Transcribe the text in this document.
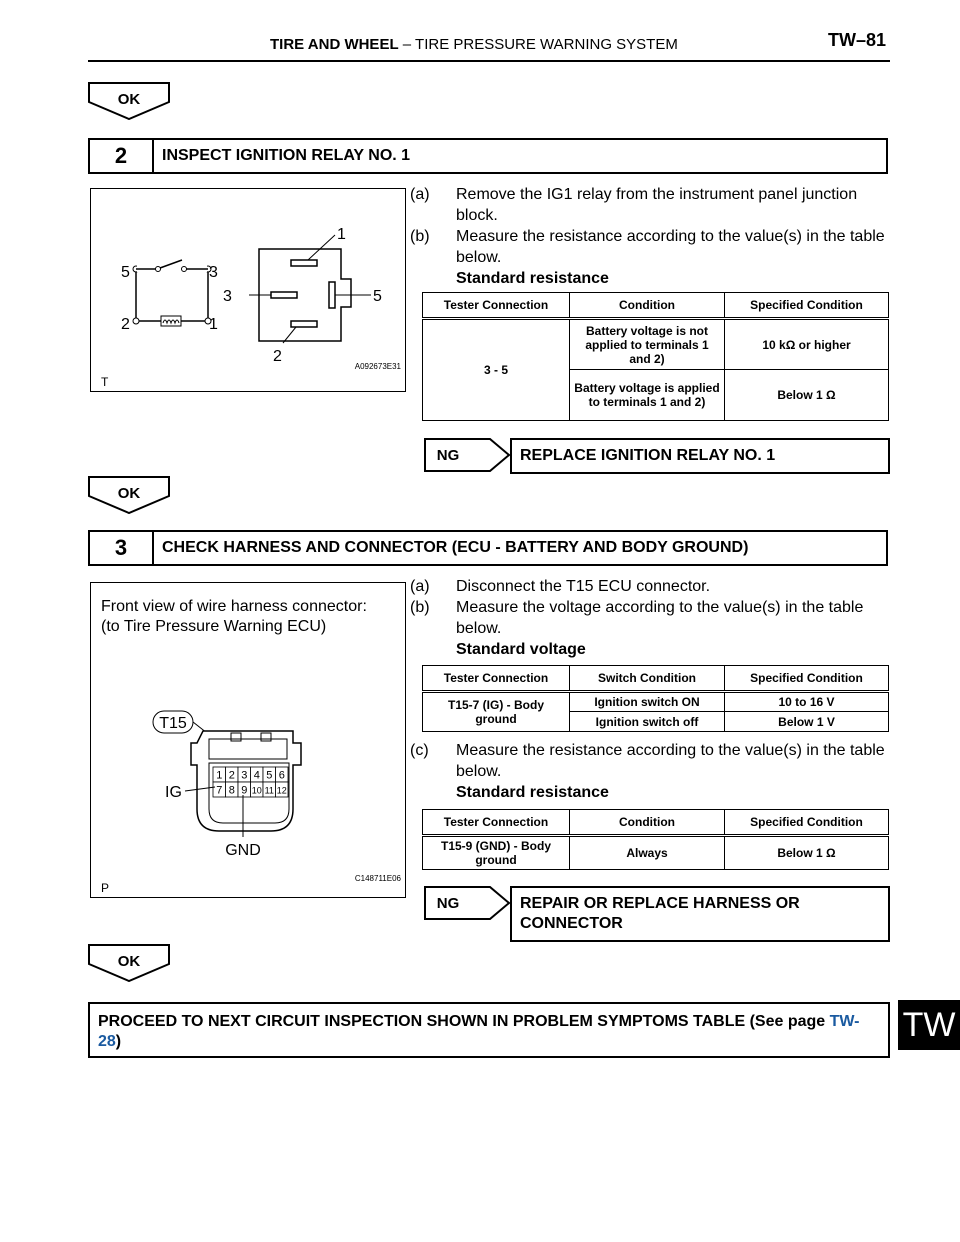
TIRE AND WHEEL – TIRE PRESSURE WARNING SYSTEM	TW–81
TW
OK
2	INSPECT IGNITION RELAY NO. 1
5	3
2	1
1
3	5
2
T
A092673E31
(a)	Remove the IG1 relay from the instrument panel junction block.
(b)	Measure the resistance according to the value(s) in the table below.
Standard resistance
Tester Connection	Condition	Specified Condition
3 - 5	Battery voltage is not applied to terminals 1 and 2)	10 kΩ or higher
	Battery voltage is applied to terminals 1 and 2)	Below 1 Ω
NG	REPLACE IGNITION RELAY NO. 1
OK
3	CHECK HARNESS AND CONNECTOR (ECU - BATTERY AND BODY GROUND)
Front view of wire harness connector:
(to Tire Pressure Warning ECU)
T15
1 2 3 4 5 6
7 8 9 10 11 12
IG
GND
P
C148711E06
(a)	Disconnect the T15 ECU connector.
(b)	Measure the voltage according to the value(s) in the table below.
Standard voltage
Tester Connection	Switch Condition	Specified Condition
T15-7 (IG) - Body ground	Ignition switch ON	10 to 16 V
	Ignition switch off	Below 1 V
(c)	Measure the resistance according to the value(s) in the table below.
Standard resistance
Tester Connection	Condition	Specified Condition
T15-9 (GND) - Body ground	Always	Below 1 Ω
NG	REPAIR OR REPLACE HARNESS OR CONNECTOR
OK
PROCEED TO NEXT CIRCUIT INSPECTION SHOWN IN PROBLEM SYMPTOMS TABLE (See page TW-28)
